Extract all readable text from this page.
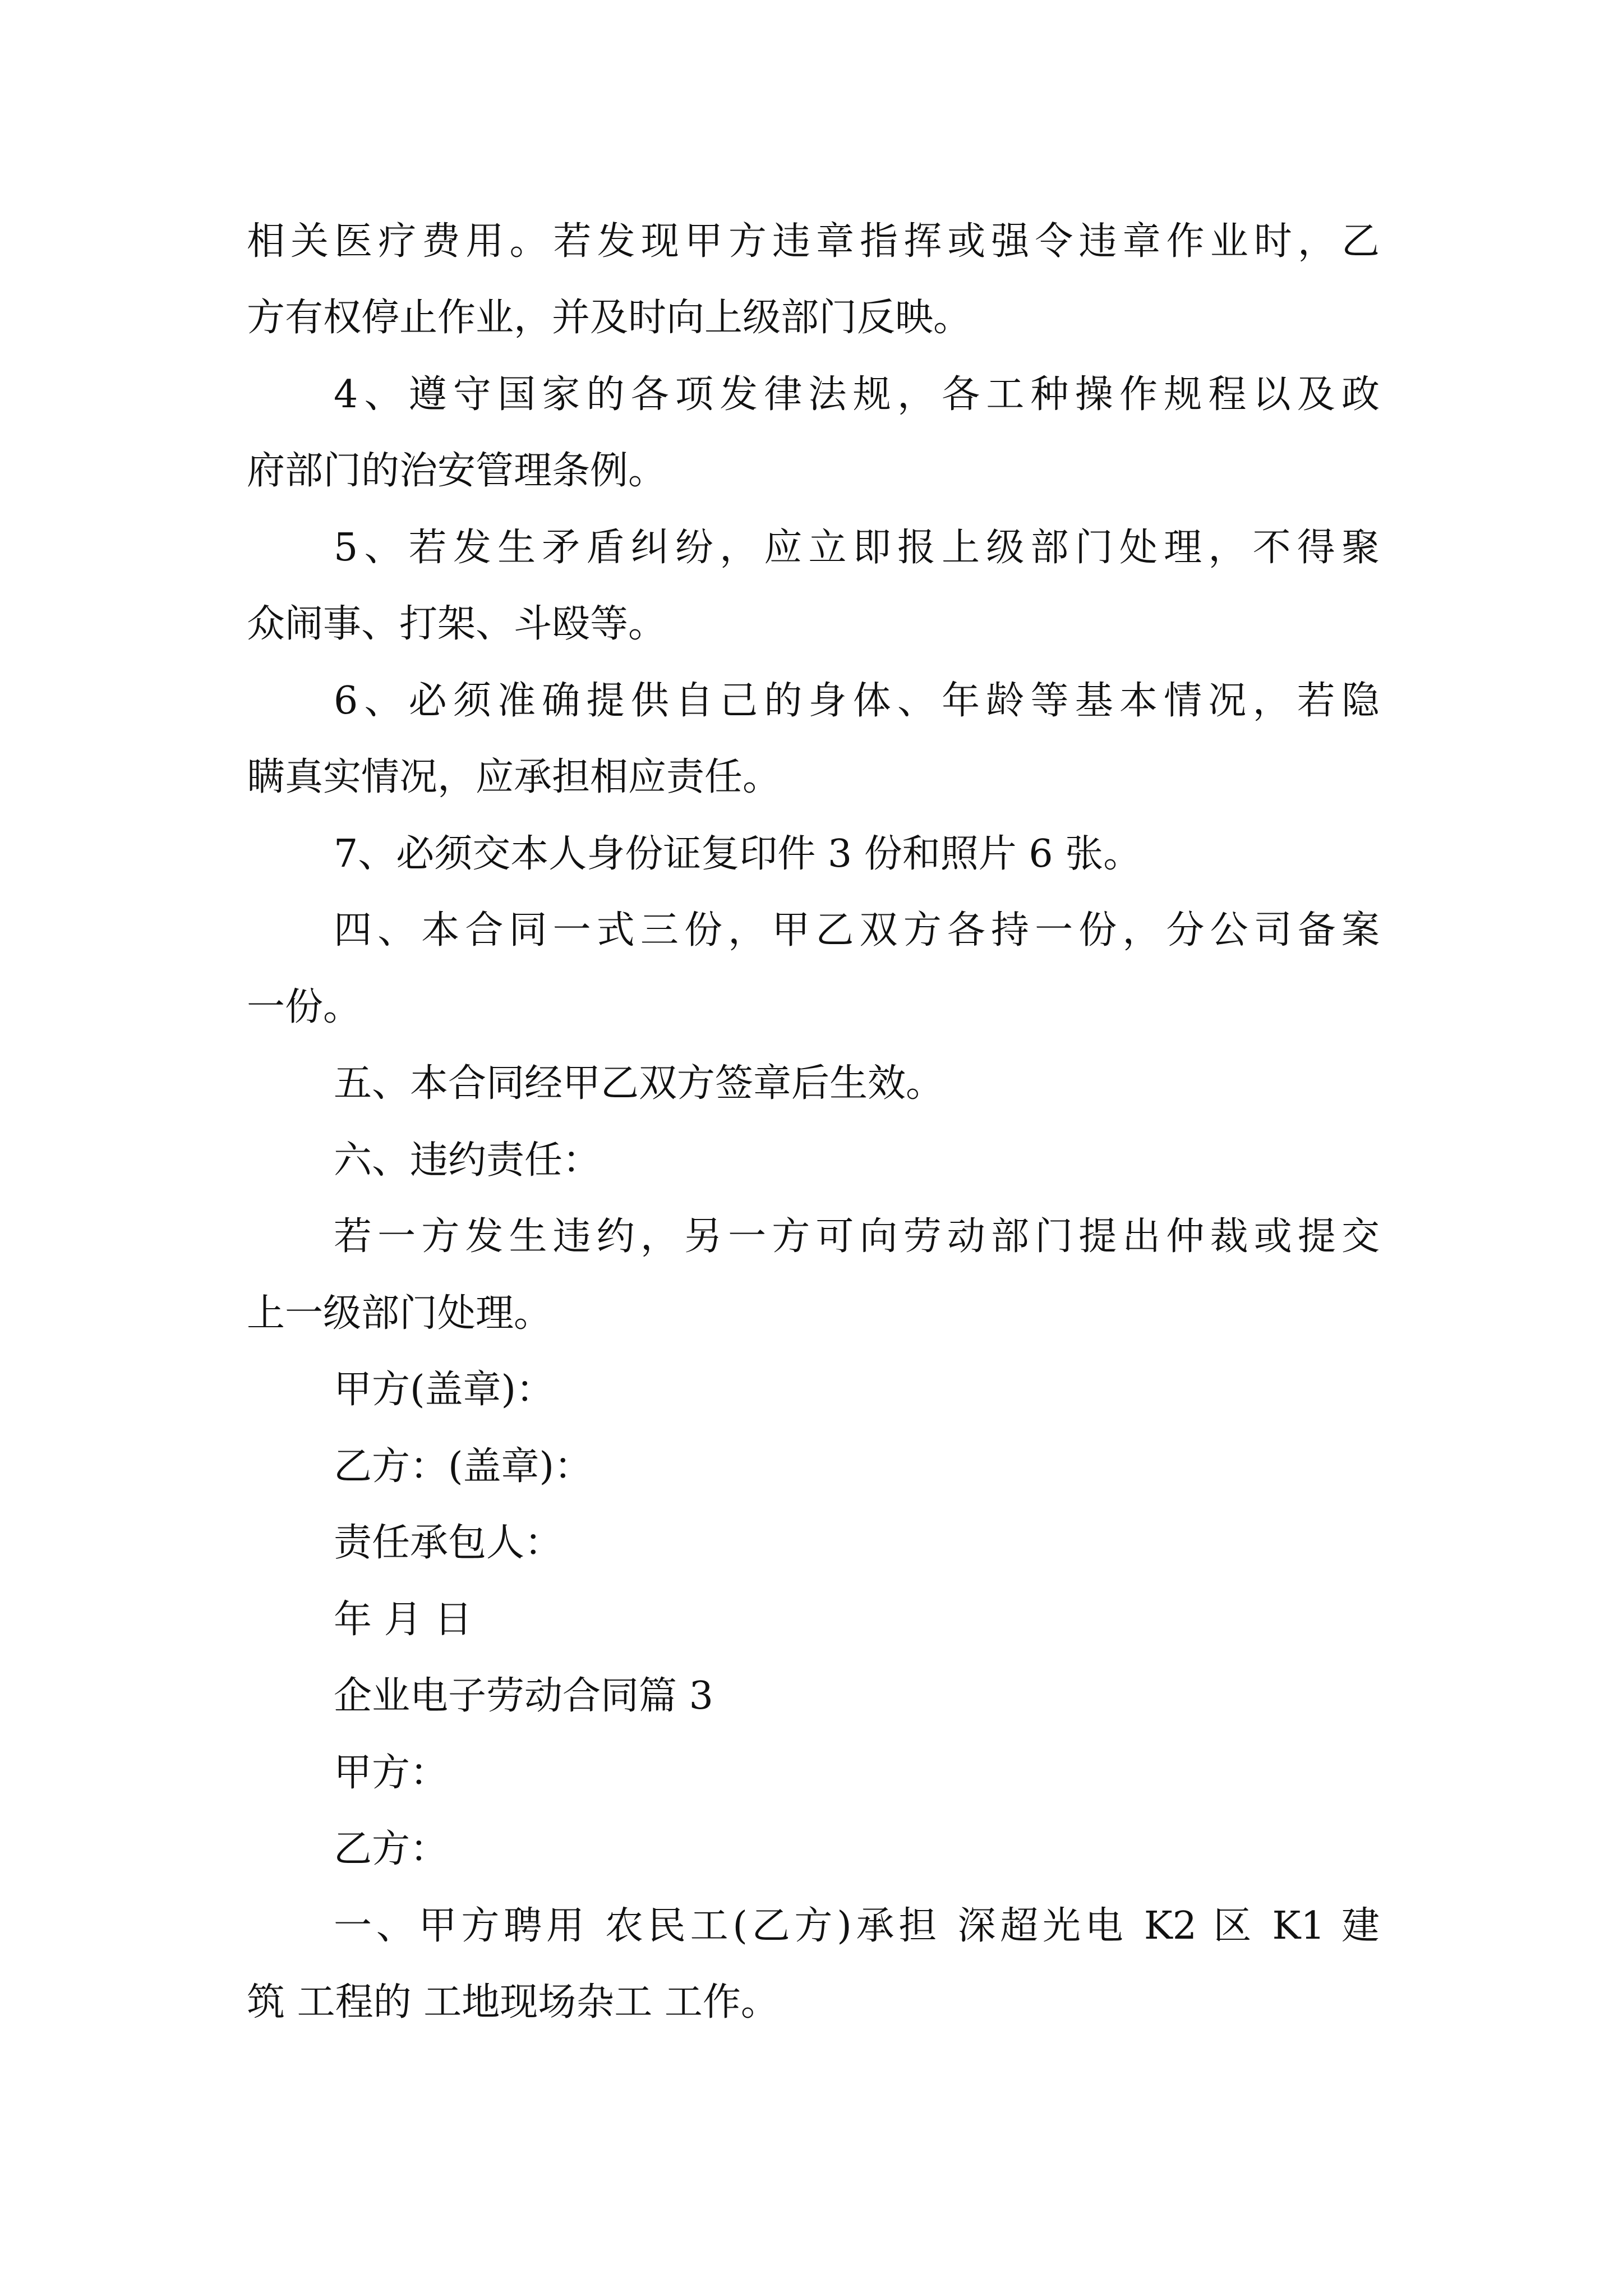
相关医疗费用。若发现甲方违章指挥或强令违章作业时，乙
方有权停止作业，并及时向上级部门反映。
4、遵守国家的各项发律法规，各工种操作规程以及政
府部门的治安管理条例。
5、若发生矛盾纠纷，应立即报上级部门处理，不得聚
众闹事、打架、斗殴等。
6、必须准确提供自己的身体、年龄等基本情况，若隐
瞒真实情况，应承担相应责任。
7、必须交本人身份证复印件 3 份和照片 6 张。
四、本合同一式三份，甲乙双方各持一份，分公司备案
一份。
五、本合同经甲乙双方签章后生效。
六、违约责任：
若一方发生违约，另一方可向劳动部门提出仲裁或提交
上一级部门处理。
甲方(盖章)：
乙方：(盖章)：
责任承包人：
年 月 日
企业电子劳动合同篇 3
甲方：
乙方：
一、甲方聘用 农民工(乙方)承担 深超光电 K2 区 K1 建
筑 工程的 工地现场杂工 工作。
